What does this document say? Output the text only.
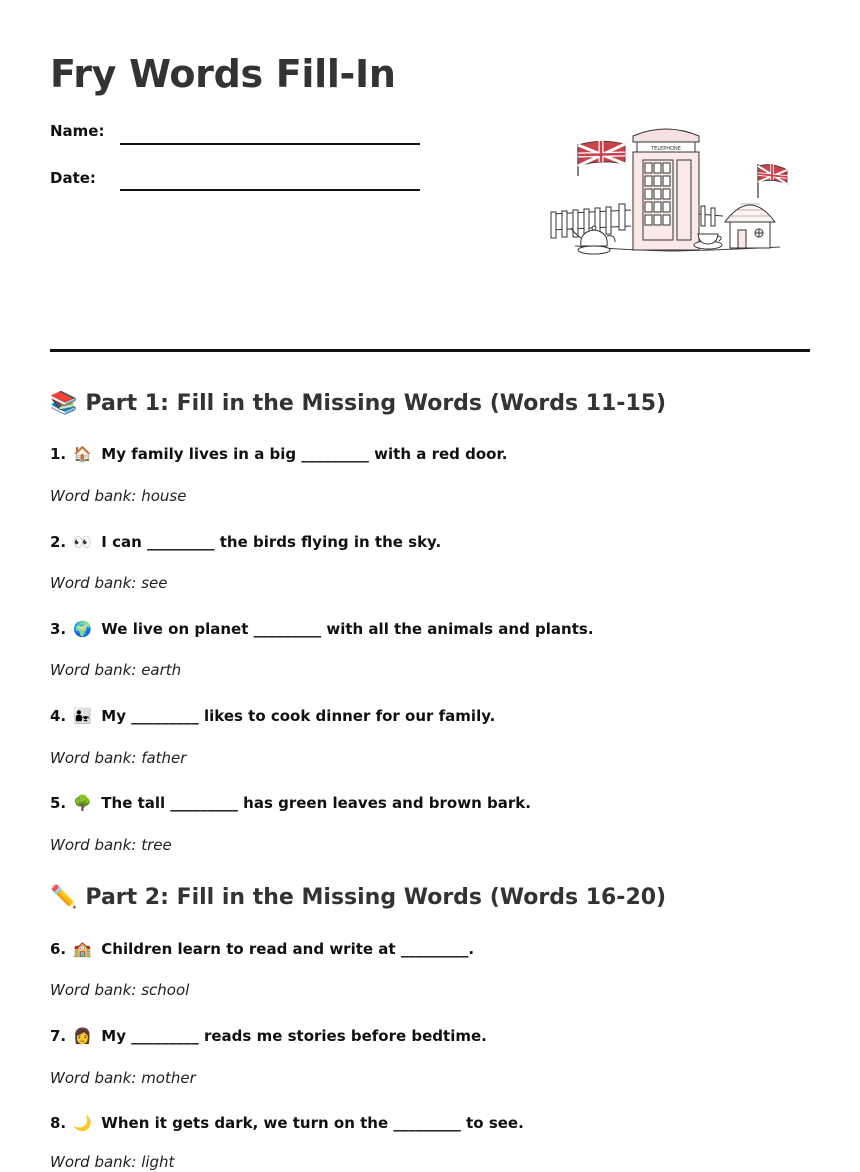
Fry Words Fill-In
Name:
Date:
TELEPHONE
📚 Part 1: Fill in the Missing Words (Words 11-15)
1. 🏠 My family lives in a big _________ with a red door.
Word bank: house
2. 👀 I can _________ the birds flying in the sky.
Word bank: see
3. 🌍 We live on planet _________ with all the animals and plants.
Word bank: earth
4. 👨‍👧 My _________ likes to cook dinner for our family.
Word bank: father
5. 🌳 The tall _________ has green leaves and brown bark.
Word bank: tree
✏️ Part 2: Fill in the Missing Words (Words 16-20)
6. 🏫 Children learn to read and write at _________.
Word bank: school
7. 👩 My _________ reads me stories before bedtime.
Word bank: mother
8. 🌙 When it gets dark, we turn on the _________ to see.
Word bank: light
